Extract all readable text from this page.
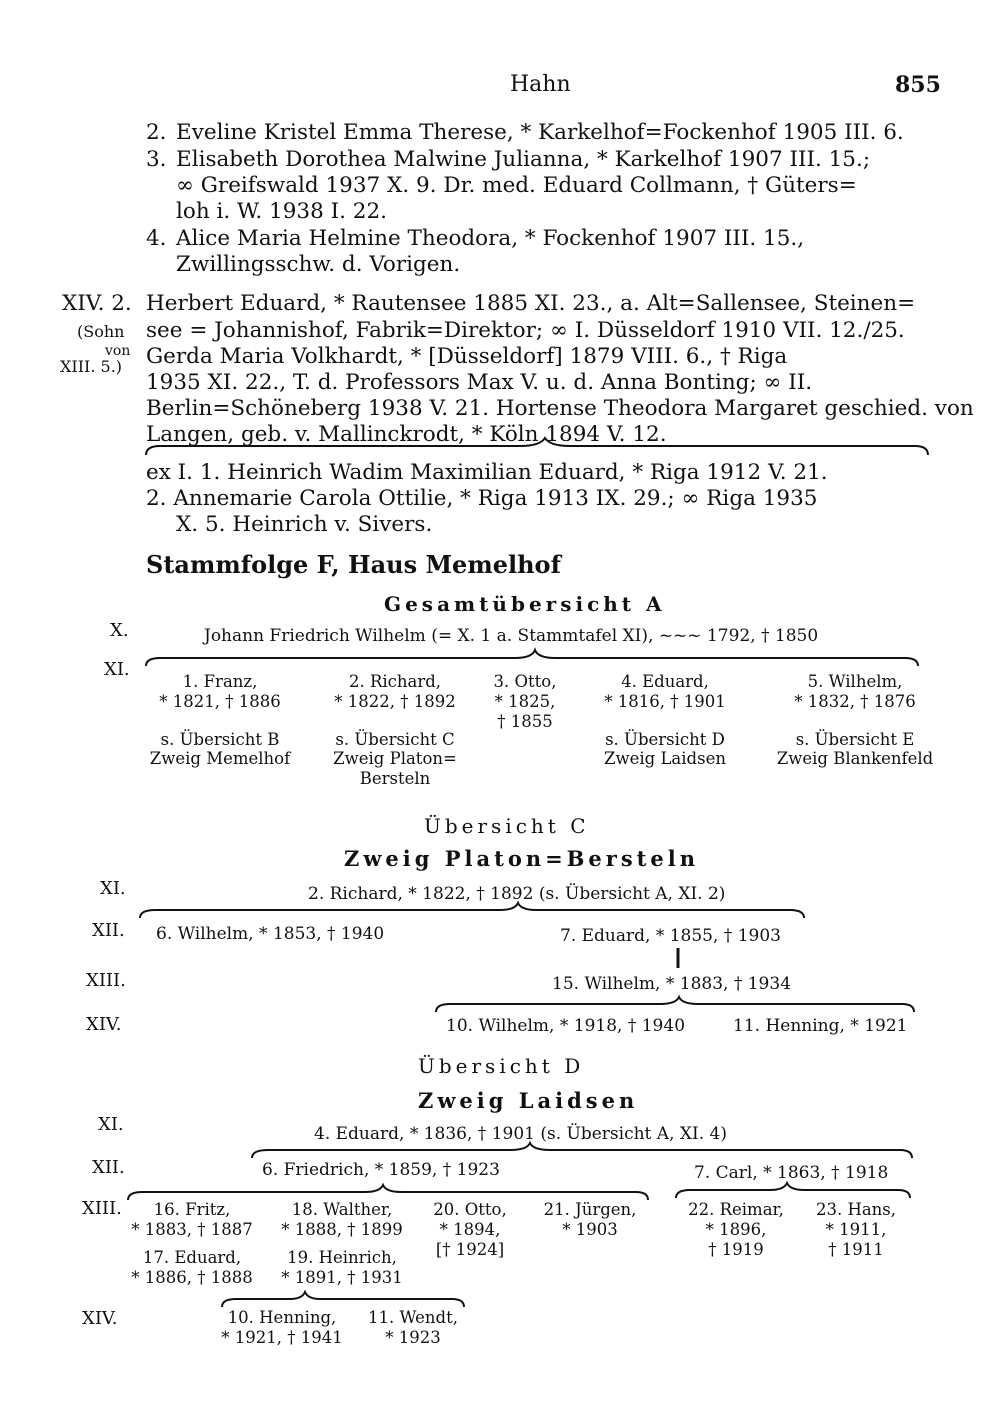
Hahn	855
2. Eveline Kristel Emma Therese, * Karkelhof=Fockenhof 1905 III. 6.
3. Elisabeth Dorothea Malwine Julianna, * Karkelhof 1907 III. 15.;
∞ Greifswald 1937 X. 9. Dr. med. Eduard Collmann, † Güters=
loh i. W. 1938 I. 22.
4. Alice Maria Helmine Theodora, * Fockenhof 1907 III. 15.,
Zwillingsschw. d. Vorigen.
XIV. 2.
(Sohn
von
XIII. 5.)
Herbert Eduard, * Rautensee 1885 XI. 23., a. Alt=Sallensee, Steinen=
see = Johannishof, Fabrik=Direktor; ∞ I. Düsseldorf 1910 VII. 12./25.
Gerda Maria Volkhardt, * [Düsseldorf] 1879 VIII. 6., † Riga
1935 XI. 22., T. d. Professors Max V. u. d. Anna Bonting; ∞ II.
Berlin=Schöneberg 1938 V. 21. Hortense Theodora Margaret geschied. von
Langen, geb. v. Mallinckrodt, * Köln 1894 V. 12.
ex I. 1. Heinrich Wadim Maximilian Eduard, * Riga 1912 V. 21.
2. Annemarie Carola Ottilie, * Riga 1913 IX. 29.; ∞ Riga 1935
X. 5. Heinrich v. Sivers.
Stammfolge F, Haus Memelhof
Gesamtübersicht A
X.	Johann Friedrich Wilhelm (= X. 1 a. Stammtafel XI), ~~~ 1792, † 1850
XI.
1. Franz,
* 1821, † 1886
s. Übersicht B
Zweig Memelhof
2. Richard,
* 1822, † 1892
s. Übersicht C
Zweig Platon=
Bersteln
3. Otto,
* 1825,
† 1855
4. Eduard,
* 1816, † 1901
s. Übersicht D
Zweig Laidsen
5. Wilhelm,
* 1832, † 1876
s. Übersicht E
Zweig Blankenfeld
Übersicht C
Zweig Platon=Bersteln
XI.
XII.
XIII.
XIV.
2. Richard, * 1822, † 1892 (s. Übersicht A, XI. 2)
6. Wilhelm, * 1853, † 1940	7. Eduard, * 1855, † 1903
15. Wilhelm, * 1883, † 1934
10. Wilhelm, * 1918, † 1940	11. Henning, * 1921
Übersicht D
Zweig Laidsen
XI.
XII.
XIII.
XIV.
4. Eduard, * 1836, † 1901 (s. Übersicht A, XI. 4)
6. Friedrich, * 1859, † 1923	7. Carl, * 1863, † 1918
16. Fritz,
* 1883, † 1887
18. Walther,
* 1888, † 1899
20. Otto,
* 1894,
[† 1924]
21. Jürgen,
* 1903
22. Reimar,
* 1896,
† 1919
23. Hans,
* 1911,
† 1911
17. Eduard,
* 1886, † 1888
19. Heinrich,
* 1891, † 1931
10. Henning,
* 1921, † 1941
11. Wendt,
* 1923
